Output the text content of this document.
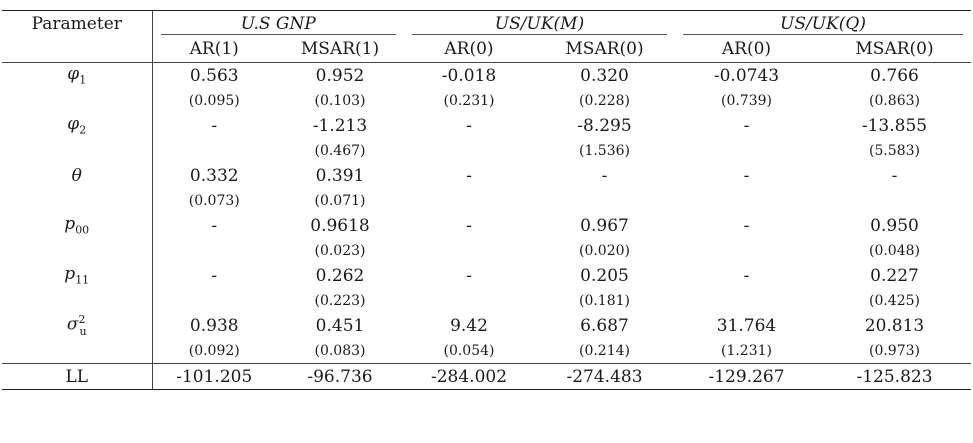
Parameter	U.S GNP		US/UK(M)		US/UK(Q)	
	AR(1)	MSAR(1)	AR(0)	MSAR(0)	AR(0)	MSAR(0)
$\varphi_1$	0.563	0.952	-0.018	0.320	-0.0743	0.766
	(0.095)	(0.103)	(0.231)	(0.228)	(0.739)	(0.863)
$\varphi_2$	-	-1.213	-	-8.295	-	-13.855
		(0.467)		(1.536)		(5.583)
θ	0.332	0.391	-	-	-	-
	(0.073)	(0.071)				
$p_{00}$	-	0.9618	-	0.967	-	0.950
		(0.023)		(0.020)		(0.048)
$p_{11}$	-	0.262	-	0.205	-	0.227
		(0.223)		(0.181)		(0.425)
$\sigma^2_u$	0.938	0.451	9.42	6.687	31.764	20.813
	(0.092)	(0.083)	(0.054)	(0.214)	(1.231)	(0.973)
LL	-101.205	-96.736	-284.002	-274.483	-129.267	-125.823
